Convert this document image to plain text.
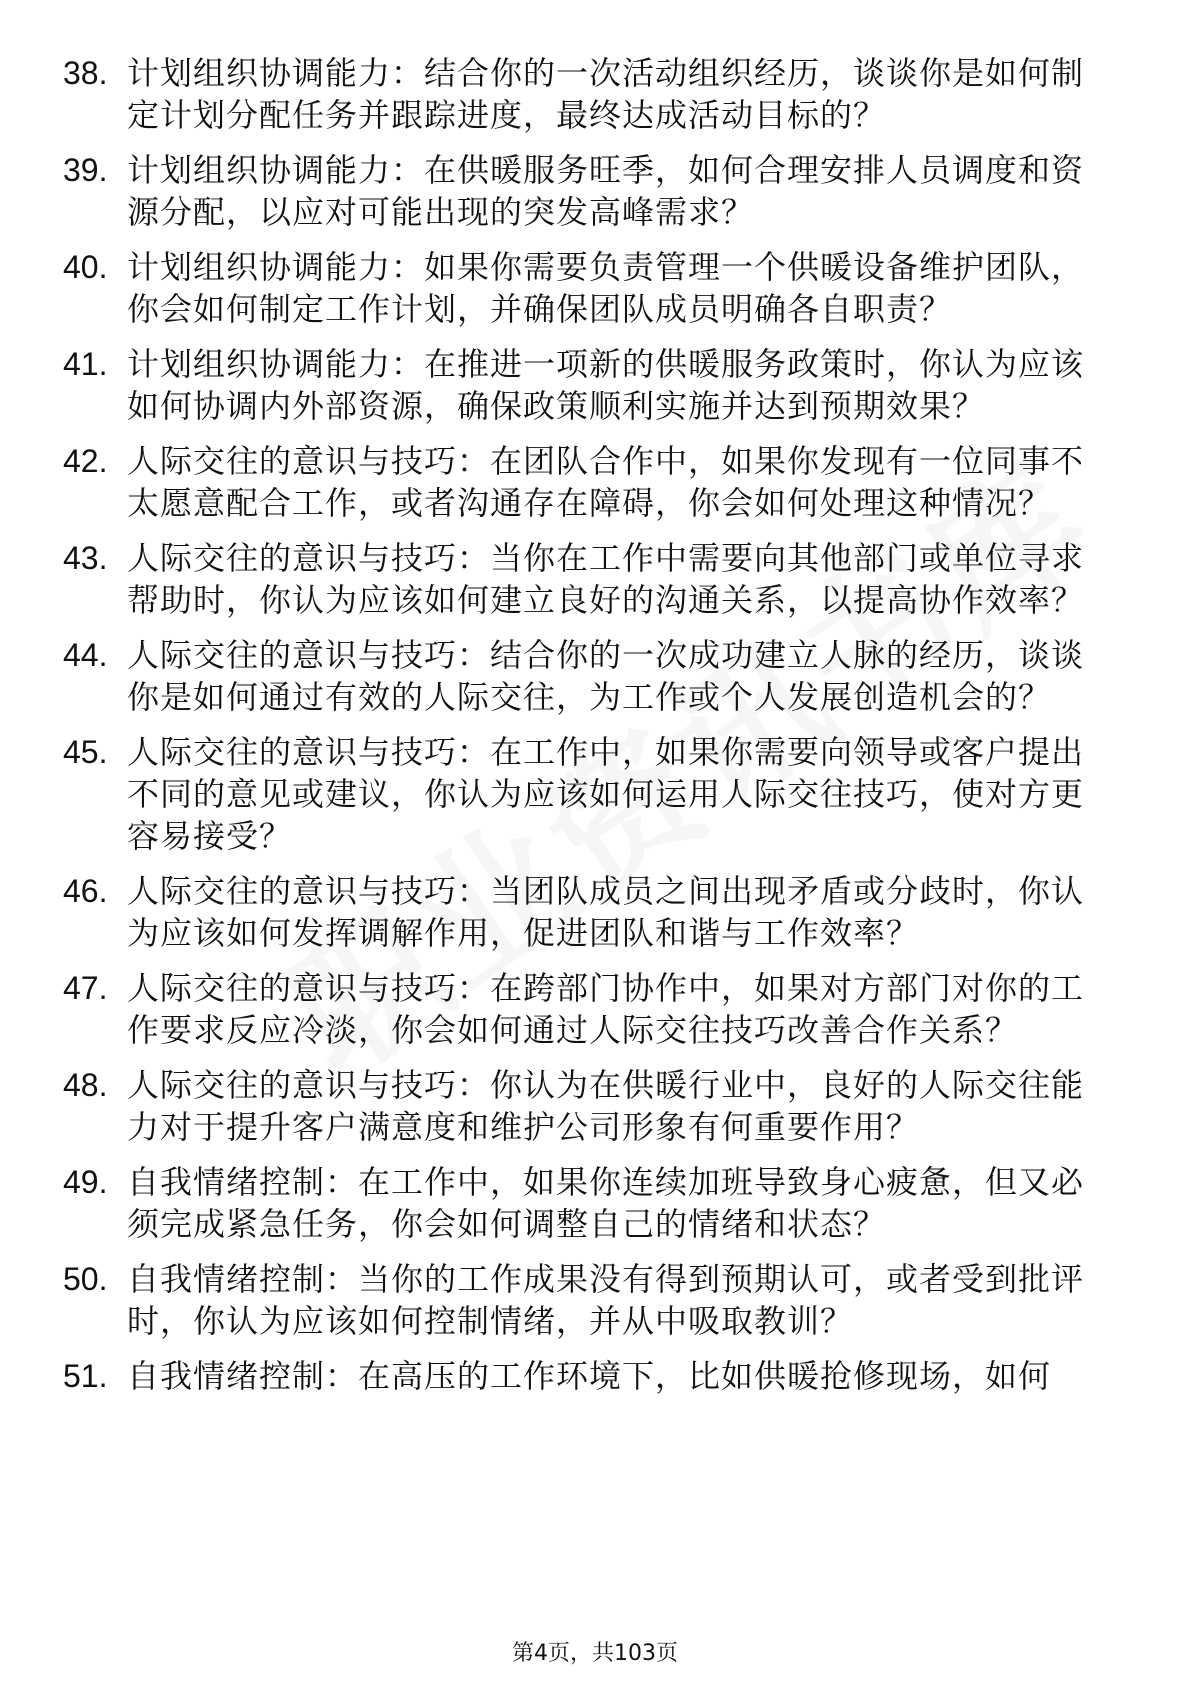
38. 计划组织协调能力：结合你的一次活动组织经历，谈谈你是如何制定计划分配任务并跟踪进度，最终达成活动目标的？
39. 计划组织协调能力：在供暖服务旺季，如何合理安排人员调度和资源分配，以应对可能出现的突发高峰需求？
40. 计划组织协调能力：如果你需要负责管理一个供暖设备维护团队，你会如何制定工作计划，并确保团队成员明确各自职责？
41. 计划组织协调能力：在推进一项新的供暖服务政策时，你认为应该如何协调内外部资源，确保政策顺利实施并达到预期效果？
42. 人际交往的意识与技巧：在团队合作中，如果你发现有一位同事不太愿意配合工作，或者沟通存在障碍，你会如何处理这种情况？
43. 人际交往的意识与技巧：当你在工作中需要向其他部门或单位寻求帮助时，你认为应该如何建立良好的沟通关系，以提高协作效率？
44. 人际交往的意识与技巧：结合你的一次成功建立人脉的经历，谈谈你是如何通过有效的人际交往，为工作或个人发展创造机会的？
45. 人际交往的意识与技巧：在工作中，如果你需要向领导或客户提出不同的意见或建议，你认为应该如何运用人际交往技巧，使对方更容易接受？
46. 人际交往的意识与技巧：当团队成员之间出现矛盾或分歧时，你认为应该如何发挥调解作用，促进团队和谐与工作效率？
47. 人际交往的意识与技巧：在跨部门协作中，如果对方部门对你的工作要求反应冷淡，你会如何通过人际交往技巧改善合作关系？
48. 人际交往的意识与技巧：你认为在供暖行业中，良好的人际交往能力对于提升客户满意度和维护公司形象有何重要作用？
49. 自我情绪控制：在工作中，如果你连续加班导致身心疲惫，但又必须完成紧急任务，你会如何调整自己的情绪和状态？
50. 自我情绪控制：当你的工作成果没有得到预期认可，或者受到批评时，你认为应该如何控制情绪，并从中吸取教训？
51. 自我情绪控制：在高压的工作环境下，比如供暖抢修现场，如何
第4页，共103页
